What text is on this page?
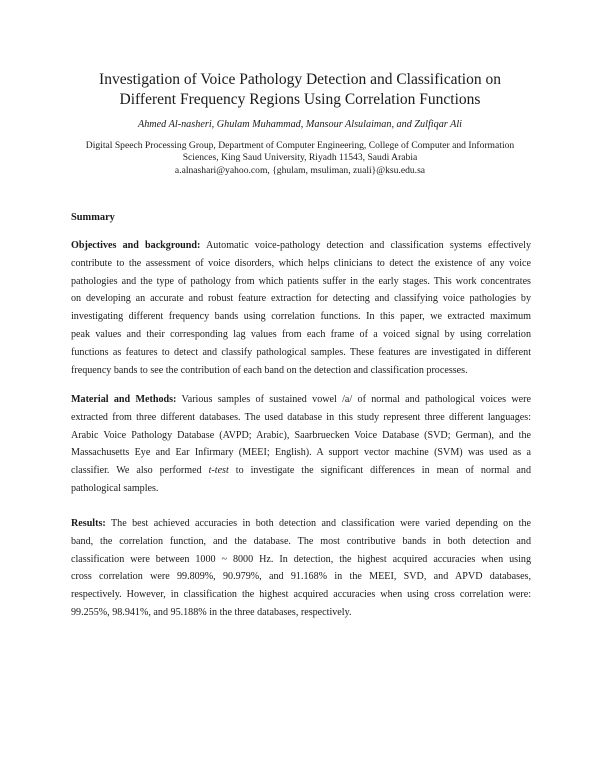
Investigation of Voice Pathology Detection and Classification on
Different Frequency Regions Using Correlation Functions
Ahmed Al-nasheri, Ghulam Muhammad, Mansour Alsulaiman, and Zulfiqar Ali
Digital Speech Processing Group, Department of Computer Engineering, College of Computer and Information
Sciences, King Saud University, Riyadh 11543, Saudi Arabia
a.alnashari@yahoo.com, {ghulam, msuliman, zuali}@ksu.edu.sa
Summary

Objectives and background: Automatic voice-pathology detection and classification systems effectively
contribute to the assessment of voice disorders, which helps clinicians to detect the existence of any voice
pathologies and the type of pathology from which patients suffer in the early stages. This work concentrates
on developing an accurate and robust feature extraction for detecting and classifying voice pathologies by
investigating different frequency bands using correlation functions. In this paper, we extracted maximum
peak values and their corresponding lag values from each frame of a voiced signal by using correlation
functions as features to detect and classify pathological samples. These features are investigated in different
frequency bands to see the contribution of each band on the detection and classification processes.

Material and Methods: Various samples of sustained vowel /a/ of normal and pathological voices were
extracted from three different databases. The used database in this study represent three different languages:
Arabic Voice Pathology Database (AVPD; Arabic), Saarbruecken Voice Database (SVD; German), and the
Massachusetts Eye and Ear Infirmary (MEEI; English). A support vector machine (SVM) was used as a
classifier. We also performed t-test to investigate the significant differences in mean of normal and
pathological samples.

Results: The best achieved accuracies in both detection and classification were varied depending on the
band, the correlation function, and the database. The most contributive bands in both detection and
classification were between 1000 ~ 8000 Hz. In detection, the highest acquired accuracies when using
cross correlation were 99.809%, 90.979%, and 91.168% in the MEEI, SVD, and APVD databases,
respectively. However, in classification the highest acquired accuracies when using cross correlation were:
99.255%, 98.941%, and 95.188% in the three databases, respectively.
